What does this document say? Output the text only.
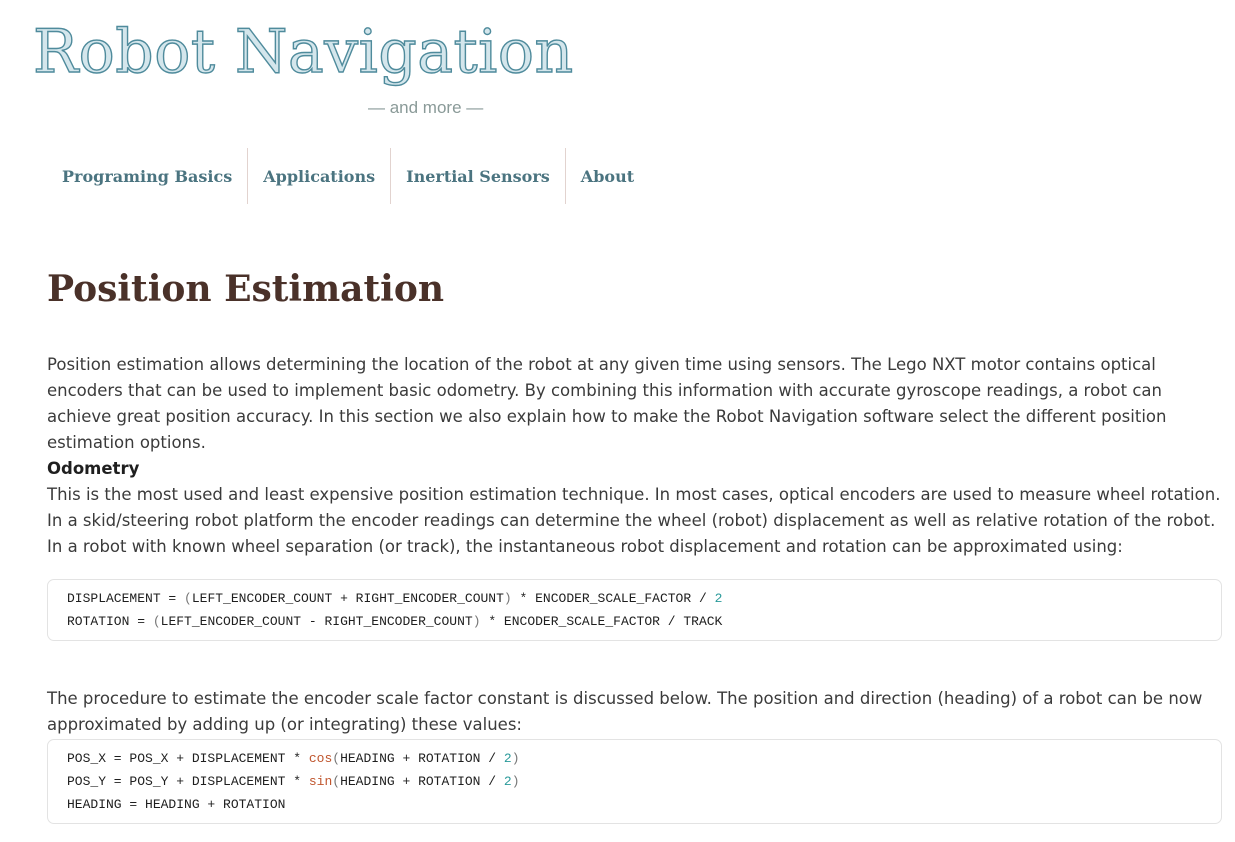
Robot Navigation
— and more —
Programing Basics	Applications	Inertial Sensors	About
Position Estimation

Position estimation allows determining the location of the robot at any given time using sensors. The Lego NXT motor contains optical encoders that can be used to implement basic odometry. By combining this information with accurate gyroscope readings, a robot can achieve great position accuracy. In this section we also explain how to make the Robot Navigation software select the different position estimation options.

Odometry

This is the most used and least expensive position estimation technique. In most cases, optical encoders are used to measure wheel rotation. In a skid/steering robot platform the encoder readings can determine the wheel (robot) displacement as well as relative rotation of the robot. In a robot with known wheel separation (or track), the instantaneous robot displacement and rotation can be approximated using:

DISPLACEMENT = (LEFT_ENCODER_COUNT + RIGHT_ENCODER_COUNT) * ENCODER_SCALE_FACTOR / 2
ROTATION = (LEFT_ENCODER_COUNT - RIGHT_ENCODER_COUNT) * ENCODER_SCALE_FACTOR / TRACK

The procedure to estimate the encoder scale factor constant is discussed below. The position and direction (heading) of a robot can be now approximated by adding up (or integrating) these values:

POS_X = POS_X + DISPLACEMENT * cos(HEADING + ROTATION / 2)
POS_Y = POS_Y + DISPLACEMENT * sin(HEADING + ROTATION / 2)
HEADING = HEADING + ROTATION
